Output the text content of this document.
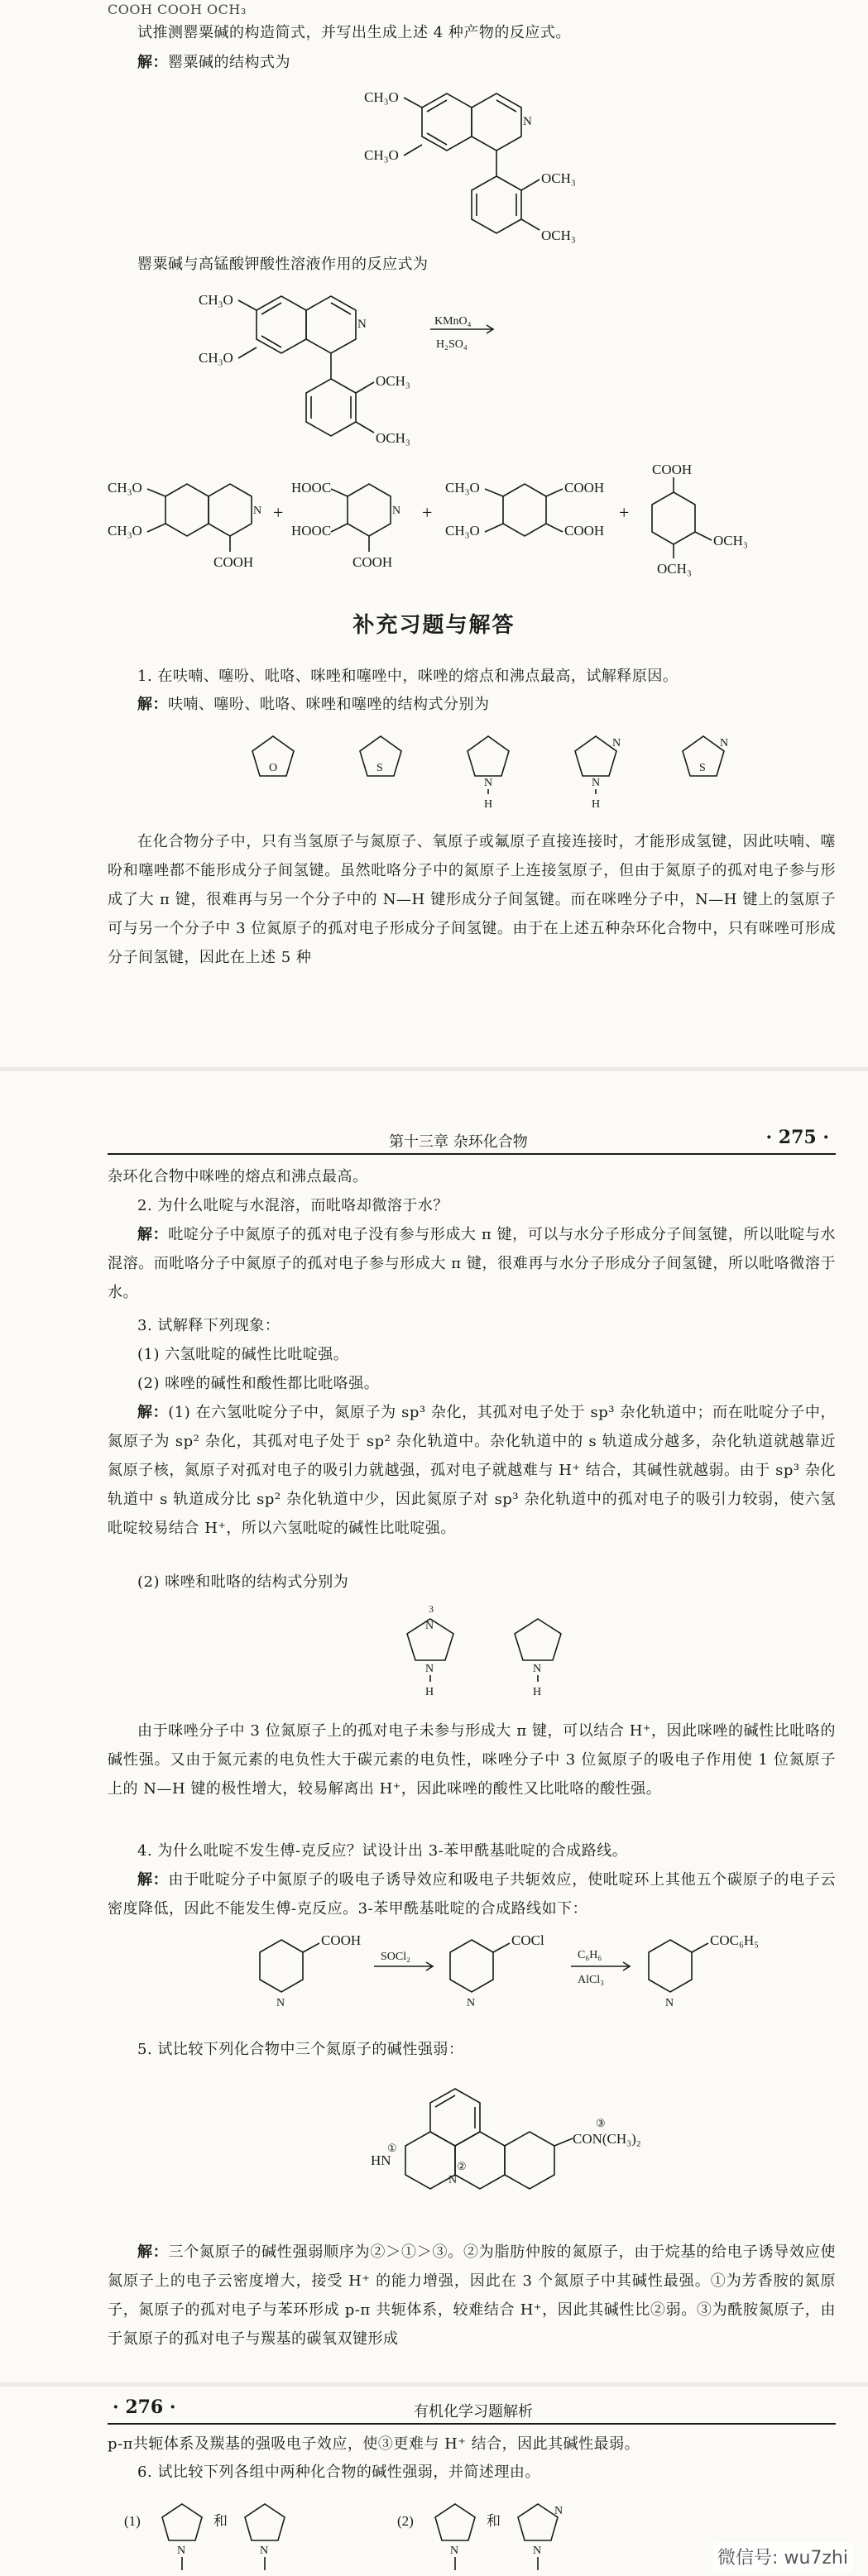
COOH COOH OCH₃

试推测罂粟碱的构造简式，并写出生成上述 4 种产物的反应式。

解：罂粟碱的结构式为

CH₃O
CH₃O
N
OCH₃
OCH₃

罂粟碱与高锰酸钾酸性溶液作用的反应式为

CH₃O
CH₃O
N
OCH₃
OCH₃
KMnO₄
H₂SO₄
CH₃O
CH₃O
N
COOH
+
HOOC
HOOC
N
COOH
+
CH₃O
CH₃O
COOH
COOH
+
COOH
OCH₃
OCH₃
补充习题与解答

1. 在呋喃、噻吩、吡咯、咪唑和噻唑中，咪唑的熔点和沸点最高，试解释原因。

解：呋喃、噻吩、吡咯、咪唑和噻唑的结构式分别为

O	S
N
H
N
N
H
N
S

在化合物分子中，只有当氢原子与氮原子、氧原子或氟原子直接连接时，才能形成氢键，因此呋喃、噻吩和噻唑都不能形成分子间氢键。虽然吡咯分子中的氮原子上连接氢原子，但由于氮原子的孤对电子参与形成了大 π 键，很难再与另一个分子中的 N—H 键形成分子间氢键。而在咪唑分子中，N—H 键上的氢原子可与另一个分子中 3 位氮原子的孤对电子形成分子间氢键。由于在上述五种杂环化合物中，只有咪唑可形成分子间氢键，因此在上述 5 种

第十三章 杂环化合物	· 275 ·

杂环化合物中咪唑的熔点和沸点最高。

2. 为什么吡啶与水混溶，而吡咯却微溶于水？

解：吡啶分子中氮原子的孤对电子没有参与形成大 π 键，可以与水分子形成分子间氢键，所以吡啶与水混溶。而吡咯分子中氮原子的孤对电子参与形成大 π 键，很难再与水分子形成分子间氢键，所以吡咯微溶于水。

3. 试解释下列现象：

(1) 六氢吡啶的碱性比吡啶强。

(2) 咪唑的碱性和酸性都比吡咯强。

解：(1) 在六氢吡啶分子中，氮原子为 sp³ 杂化，其孤对电子处于 sp³ 杂化轨道中；而在吡啶分子中，氮原子为 sp² 杂化，其孤对电子处于 sp² 杂化轨道中。杂化轨道中的 s 轨道成分越多，杂化轨道就越靠近氮原子核，氮原子对孤对电子的吸引力就越强，孤对电子就越难与 H⁺ 结合，其碱性就越弱。由于 sp³ 杂化轨道中 s 轨道成分比 sp² 杂化轨道中少，因此氮原子对 sp³ 杂化轨道中的孤对电子的吸引力较弱，使六氢吡啶较易结合 H⁺，所以六氢吡啶的碱性比吡啶强。

(2) 咪唑和吡咯的结构式分别为

3
N
N
H
N
H

由于咪唑分子中 3 位氮原子上的孤对电子未参与形成大 π 键，可以结合 H⁺，因此咪唑的碱性比吡咯的碱性强。又由于氮元素的电负性大于碳元素的电负性，咪唑分子中 3 位氮原子的吸电子作用使 1 位氮原子上的 N—H 键的极性增大，较易解离出 H⁺，因此咪唑的酸性又比吡咯的酸性强。

4. 为什么吡啶不发生傅-克反应？试设计出 3-苯甲酰基吡啶的合成路线。

解：由于吡啶分子中氮原子的吸电子诱导效应和吸电子共轭效应，使吡啶环上其他五个碳原子的电子云密度降低，因此不能发生傅-克反应。3-苯甲酰基吡啶的合成路线如下：

N
COOH
SOCl₂
N
COCl
C₆H₆
AlCl₃
N
COC₆H₅

5. 试比较下列化合物中三个氮原子的碱性强弱：

HN
①
N
②
CON(CH₃)₂
③

解：三个氮原子的碱性强弱顺序为②＞①＞③。②为脂肪仲胺的氮原子，由于烷基的给电子诱导效应使氮原子上的电子云密度增大，接受 H⁺ 的能力增强，因此在 3 个氮原子中其碱性最强。①为芳香胺的氮原子，氮原子的孤对电子与苯环形成 p-π 共轭体系，较难结合 H⁺，因此其碱性比②弱。③为酰胺氮原子，由于氮原子的孤对电子与羰基的碳氧双键形成

· 276 ·	有机化学习题解析

p-π共轭体系及羰基的强吸电子效应，使③更难与 H⁺ 结合，因此其碱性最弱。

6. 试比较下列各组中两种化合物的碱性强弱，并简述理由。

(1)
N
和
N
(2)
N
和
N
N	微信号: wu7zhi
